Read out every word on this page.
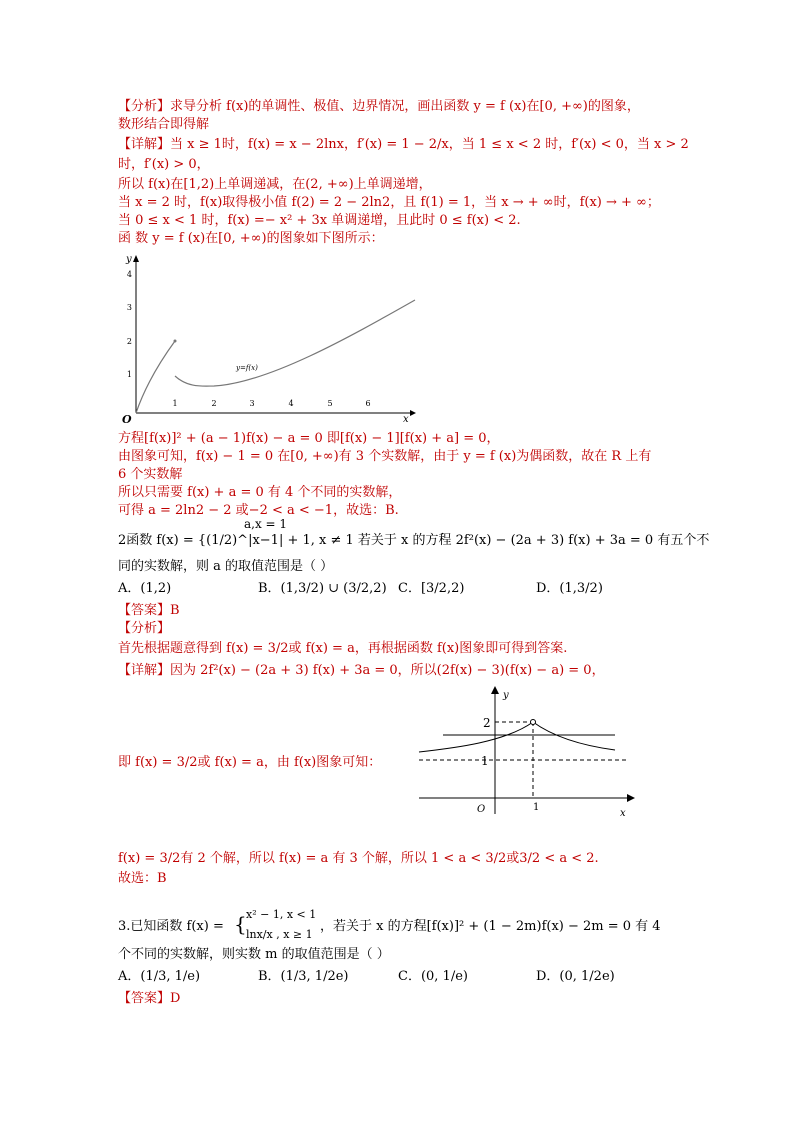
【分析】求导分析 f(x)的单调性、极值、边界情况，画出函数 y = f (x)在[0, +∞)的图象，
数形结合即得解
【详解】当 x ≥ 1时，f(x) = x − 2lnx，f′(x) = 1 − 2/x，当 1 ≤ x < 2 时，f′(x) < 0，当 x > 2
时，f′(x) > 0，
所以 f(x)在[1,2)上单调递减，在(2, +∞)上单调递增，
当 x = 2 时，f(x)取得极小值 f(2) = 2 − 2ln2，且 f(1) = 1，当 x → + ∞时，f(x) → + ∞；
当 0 ≤ x < 1 时，f(x) =− x² + 3x 单调递增，且此时 0 ≤ f(x) < 2.
函 数 y = f (x)在[0, +∞)的图象如下图所示：
y
x
O
1	2	3	4	5	6
1
2
3
4
y=f(x)
方程[f(x)]² + (a − 1)f(x) − a = 0 即[f(x) − 1][f(x) + a] = 0，
由图象可知，f(x) − 1 = 0 在[0, +∞)有 3 个实数解，由于 y = f (x)为偶函数，故在 R 上有
6 个实数解
所以只需要 f(x) + a = 0 有 4 个不同的实数解，
可得 a = 2ln2 − 2 或−2 < a < −1，故选：B.
a,x = 1
2函数 f(x) = {(1/2)^|x−1| + 1, x ≠ 1 若关于 x 的方程 2f²(x) − (2a + 3) f(x) + 3a = 0 有五个不
同的实数解，则 a 的取值范围是（ ）
A．(1,2)	B．(1,3/2) ∪ (3/2,2) C．[3/2,2)	D．(1,3/2)
【答案】B
【分析】
首先根据题意得到 f(x) = 3/2或 f(x) = a，再根据函数 f(x)图象即可得到答案.
【详解】因为 2f²(x) − (2a + 3) f(x) + 3a = 0，所以(2f(x) − 3)(f(x) − a) = 0，
即 f(x) = 3/2或 f(x) = a，由 f(x)图象可知：
y
x
O
2
1
1
f(x) = 3/2有 2 个解，所以 f(x) = a 有 3 个解，所以 1 < a < 3/2或3/2 < a < 2.
故选：B
3.已知函数 f(x) = { x² − 1, x < 1
lnx/x , x ≥ 1
，若关于 x 的方程[f(x)]² + (1 − 2m)f(x) − 2m = 0 有 4
个不同的实数解，则实数 m 的取值范围是（ ）
A．(1/3, 1/e)	B．(1/3, 1/2e)	C．(0, 1/e)	D．(0, 1/2e)
【答案】D
